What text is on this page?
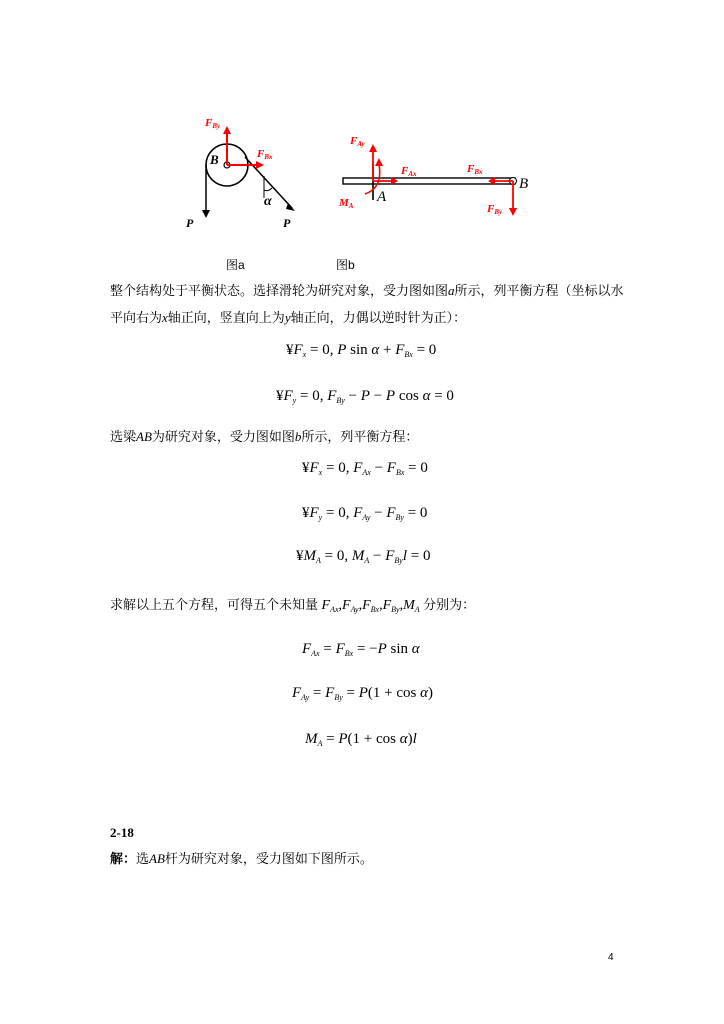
FBy
FBx
B
α
P	P
FAy
FAx	FBx
FBy
MA
A
B
图a	图b
整个结构处于平衡状态。选择滑轮为研究对象，受力图如图a所示，列平衡方程（坐标以水
平向右为x轴正向，竖直向上为y轴正向，力偶以逆时针为正）：
$¥F_x = 0$, P $\sin \alpha + F_{Bx} = 0$
$¥F_y = 0$, $F_{By} - P - P$ cos α = 0
选梁AB为研究对象，受力图如图b所示，列平衡方程：
$¥F_x = 0$, $F_{Ax} - F_{Bx} = 0$
$¥F_y = 0$, $F_{Ay} - F_{By} = 0$
$¥M_A = 0$, $M_A - F_{By}l = 0$
求解以上五个方程，可得五个未知量 $F_{Ax},F_{Ay},F_{Bx},F_{By},M_A$ 分别为：
$F_{Ax} = F_{Bx} = -P$ sin α
$F_{Ay} = F_{By} = P(1 + \cos \alpha)$
$M_A = P(1 + \cos \alpha)l$
2-18
解：选AB杆为研究对象，受力图如下图所示。
4
